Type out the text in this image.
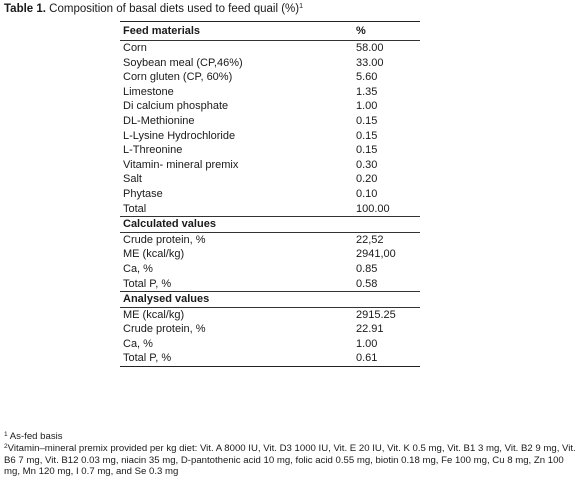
Table 1. Composition of basal diets used to feed quail (%)$^1$
Feed materials	%
Corn	58.00
Soybean meal (CP,46%)	33.00
Corn gluten (CP, 60%)	5.60
Limestone	1.35
Di calcium phosphate	1.00
DL-Methionine	0.15
L-Lysine Hydrochloride	0.15
L-Threonine	0.15
Vitamin- mineral premix	0.30
Salt	0.20
Phytase	0.10
Total	100.00
Calculated values
Crude protein, %	22,52
ME (kcal/kg)	2941,00
Ca, %	0.85
Total P, %	0.58
Analysed values
ME (kcal/kg)	2915.25
Crude protein, %	22.91
Ca, %	1.00
Total P, %	0.61

$^1$ As-fed basis

$^2$Vitamin–mineral premix provided per kg diet: Vit. A 8000 IU, Vit. D3 1000 IU, Vit. E 20 IU, Vit. K 0.5 mg, Vit. B1 3 mg, Vit. B2 9 mg, Vit. B6 7 mg, Vit. B12 0.03 mg, niacin 35 mg, D-pantothenic acid 10 mg, folic acid 0.55 mg, biotin 0.18 mg, Fe 100 mg, Cu 8 mg, Zn 100 mg, Mn 120 mg, I 0.7 mg, and Se 0.3 mg
